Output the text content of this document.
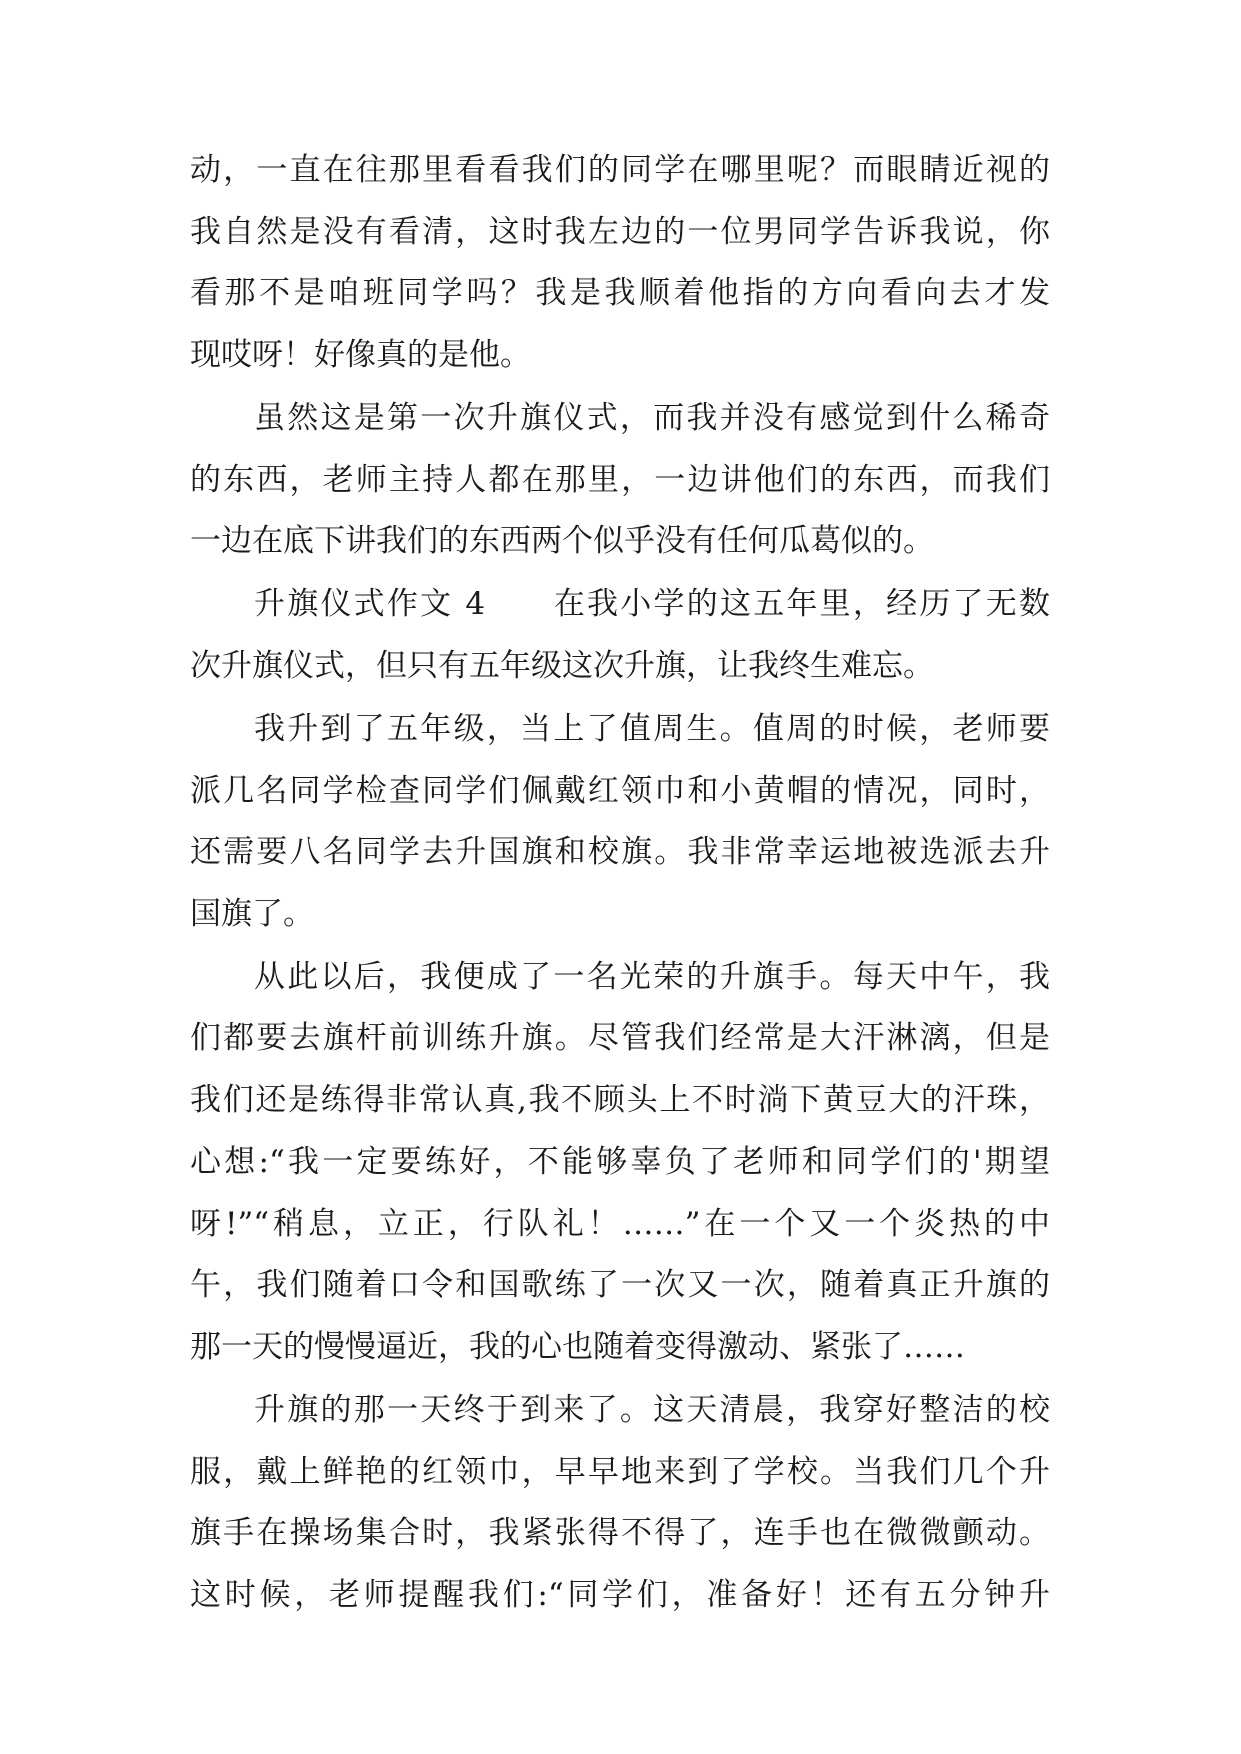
动，一直在往那里看看我们的同学在哪里呢？而眼睛近视的
我自然是没有看清，这时我左边的一位男同学告诉我说，你
看那不是咱班同学吗？我是我顺着他指的方向看向去才发
现哎呀！好像真的是他。
虽然这是第一次升旗仪式，而我并没有感觉到什么稀奇
的东西，老师主持人都在那里，一边讲他们的东西，而我们
一边在底下讲我们的东西两个似乎没有任何瓜葛似的。
升旗仪式作文 4　　在我小学的这五年里，经历了无数
次升旗仪式，但只有五年级这次升旗，让我终生难忘。
我升到了五年级，当上了值周生。值周的时候，老师要
派几名同学检查同学们佩戴红领巾和小黄帽的情况，同时，
还需要八名同学去升国旗和校旗。我非常幸运地被选派去升
国旗了。
从此以后，我便成了一名光荣的升旗手。每天中午，我
们都要去旗杆前训练升旗。尽管我们经常是大汗淋漓，但是
我们还是练得非常认真,我不顾头上不时淌下黄豆大的汗珠，
心想:“我一定要练好，不能够辜负了老师和同学们的'期望
呀!”“稍息，立正，行队礼！……”在一个又一个炎热的中
午，我们随着口令和国歌练了一次又一次，随着真正升旗的
那一天的慢慢逼近，我的心也随着变得激动、紧张了……
升旗的那一天终于到来了。这天清晨，我穿好整洁的校
服，戴上鲜艳的红领巾，早早地来到了学校。当我们几个升
旗手在操场集合时，我紧张得不得了，连手也在微微颤动。
这时候，老师提醒我们:“同学们，准备好！还有五分钟升
